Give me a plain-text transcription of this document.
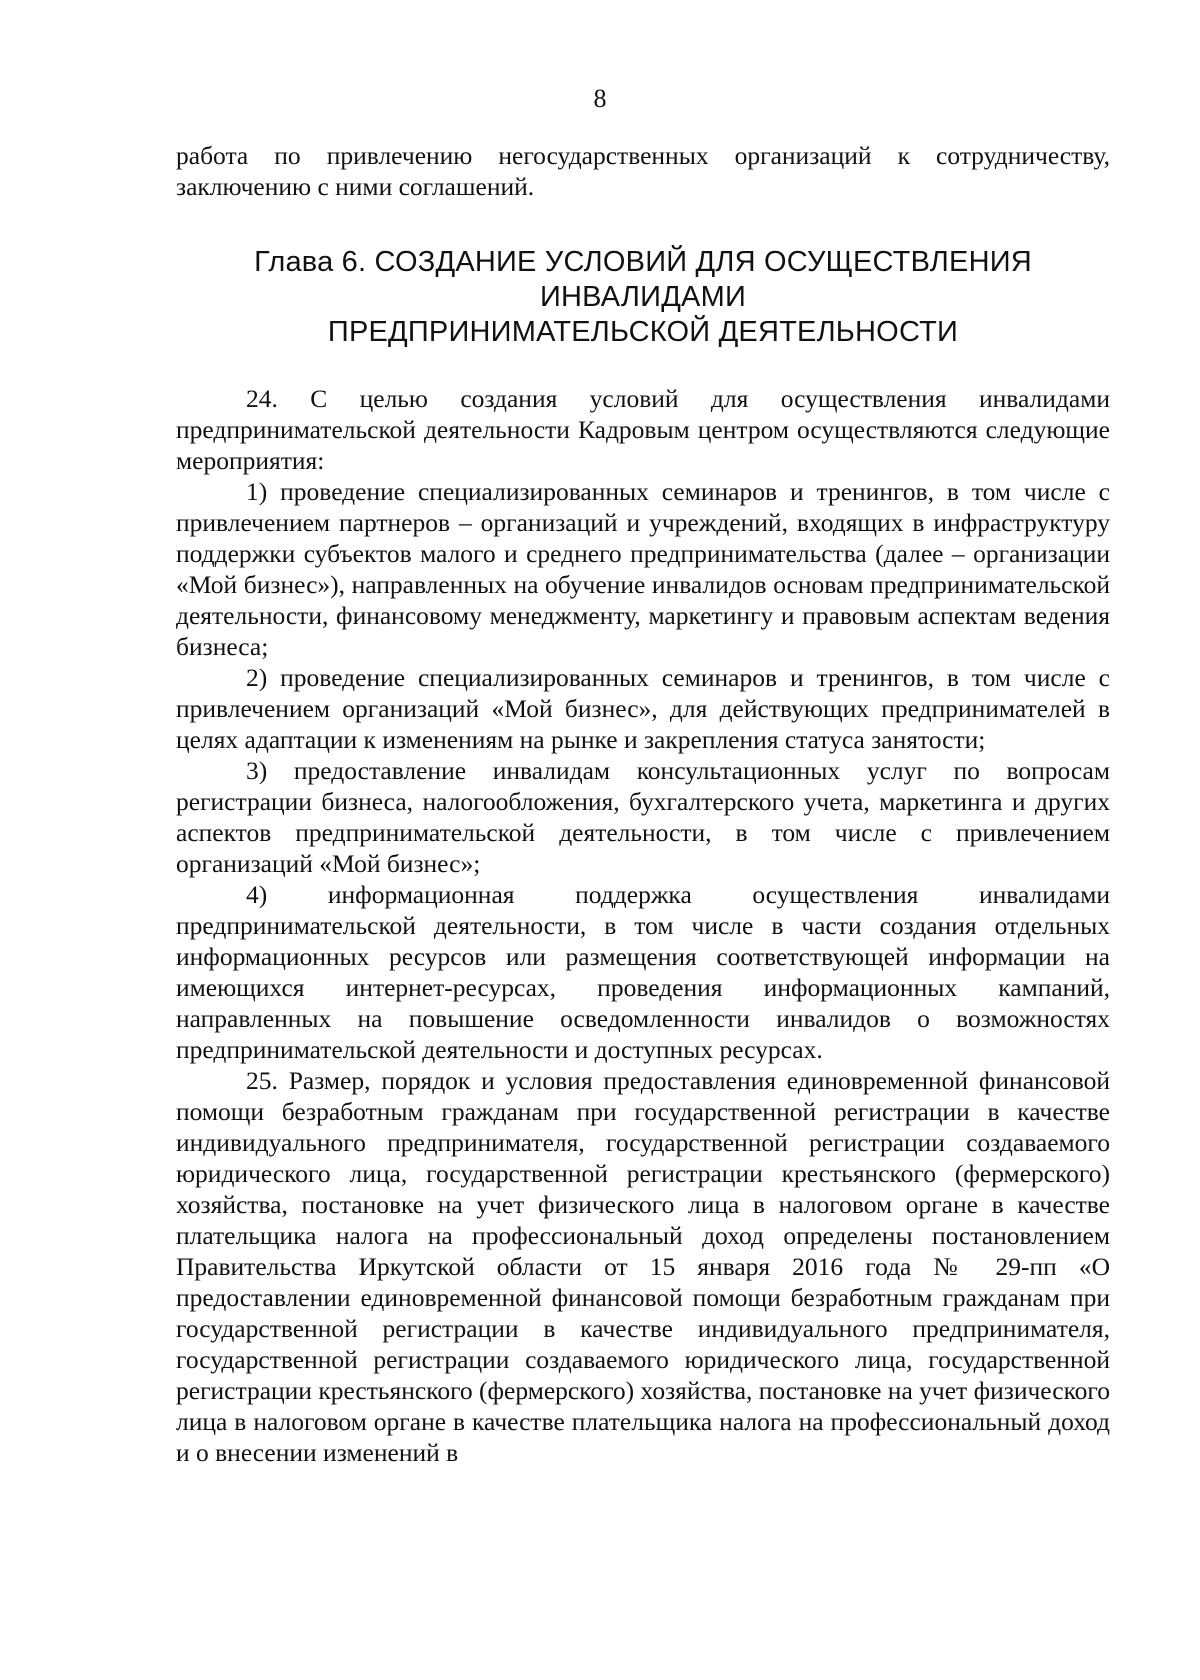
8

работа по привлечению негосударственных организаций к сотрудничеству, заключению с ними соглашений.

Глава 6. СОЗДАНИЕ УСЛОВИЙ ДЛЯ ОСУЩЕСТВЛЕНИЯ ИНВАЛИДАМИ
ПРЕДПРИНИМАТЕЛЬСКОЙ ДЕЯТЕЛЬНОСТИ

24. С целью создания условий для осуществления инвалидами предпринимательской деятельности Кадровым центром осуществляются следующие мероприятия:

1) проведение специализированных семинаров и тренингов, в том числе с привлечением партнеров – организаций и учреждений, входящих в инфраструктуру поддержки субъектов малого и среднего предпринимательства (далее – организации «Мой бизнес»), направленных на обучение инвалидов основам предпринимательской деятельности, финансовому менеджменту, маркетингу и правовым аспектам ведения бизнеса;

2) проведение специализированных семинаров и тренингов, в том числе с привлечением организаций «Мой бизнес», для действующих предпринимателей в целях адаптации к изменениям на рынке и закрепления статуса занятости;

3) предоставление инвалидам консультационных услуг по вопросам регистрации бизнеса, налогообложения, бухгалтерского учета, маркетинга и других аспектов предпринимательской деятельности, в том числе с привлечением организаций «Мой бизнес»;

4) информационная поддержка осуществления инвалидами предпринимательской деятельности, в том числе в части создания отдельных информационных ресурсов или размещения соответствующей информации на имеющихся интернет-ресурсах, проведения информационных кампаний, направленных на повышение осведомленности инвалидов о возможностях предпринимательской деятельности и доступных ресурсах.

25. Размер, порядок и условия предоставления единовременной финансовой помощи безработным гражданам при государственной регистрации в качестве индивидуального предпринимателя, государственной регистрации создаваемого юридического лица, государственной регистрации крестьянского (фермерского) хозяйства, постановке на учет физического лица в налоговом органе в качестве плательщика налога на профессиональный доход определены постановлением Правительства Иркутской области от 15 января 2016 года № 29-пп «О предоставлении единовременной финансовой помощи безработным гражданам при государственной регистрации в качестве индивидуального предпринимателя, государственной регистрации создаваемого юридического лица, государственной регистрации крестьянского (фермерского) хозяйства, постановке на учет физического лица в налоговом органе в качестве плательщика налога на профессиональный доход и о внесении изменений в
